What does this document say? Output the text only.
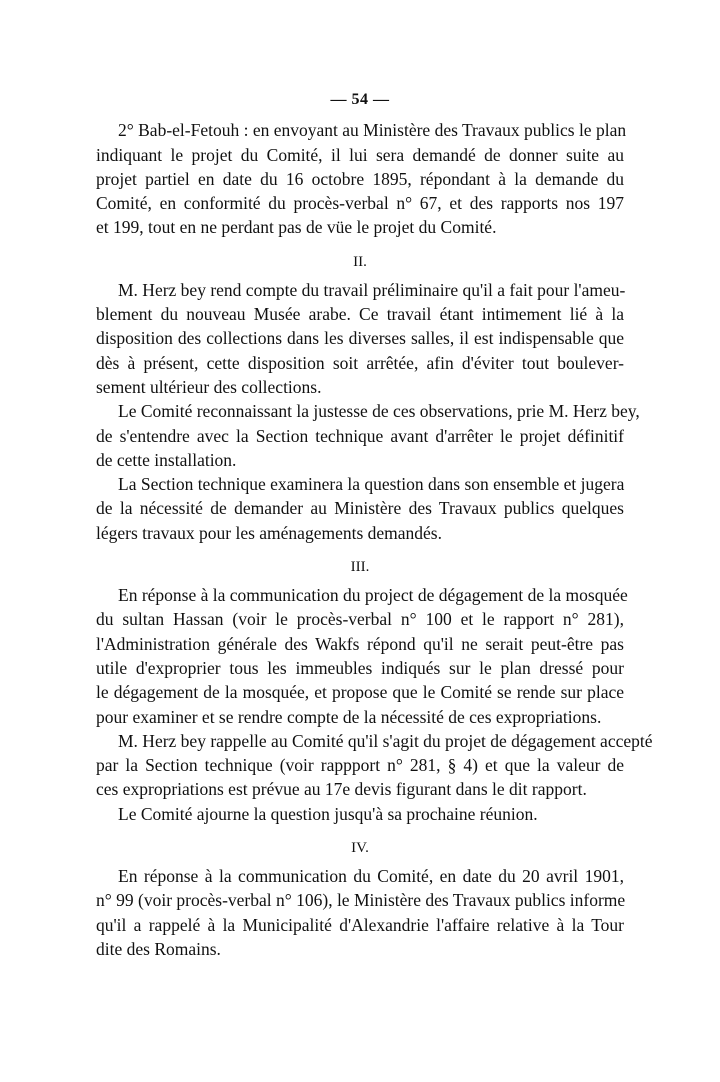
— 54 —
2° Bab-el-Fetouh : en envoyant au Ministère des Travaux publics le plan
indiquant le projet du Comité, il lui sera demandé de donner suite au
projet partiel en date du 16 octobre 1895, répondant à la demande du
Comité, en conformité du procès-verbal n° 67, et des rapports nos 197
et 199, tout en ne perdant pas de vüe le projet du Comité.
II.
M. Herz bey rend compte du travail préliminaire qu'il a fait pour l'ameu-
blement du nouveau Musée arabe. Ce travail étant intimement lié à la
disposition des collections dans les diverses salles, il est indispensable que
dès à présent, cette disposition soit arrêtée, afin d'éviter tout boulever-
sement ultérieur des collections.
Le Comité reconnaissant la justesse de ces observations, prie M. Herz bey,
de s'entendre avec la Section technique avant d'arrêter le projet définitif
de cette installation.
La Section technique examinera la question dans son ensemble et jugera
de la nécessité de demander au Ministère des Travaux publics quelques
légers travaux pour les aménagements demandés.
III.
En réponse à la communication du project de dégagement de la mosquée
du sultan Hassan (voir le procès-verbal n° 100 et le rapport n° 281),
l'Administration générale des Wakfs répond qu'il ne serait peut-être pas
utile d'exproprier tous les immeubles indiqués sur le plan dressé pour
le dégagement de la mosquée, et propose que le Comité se rende sur place
pour examiner et se rendre compte de la nécessité de ces expropriations.
M. Herz bey rappelle au Comité qu'il s'agit du projet de dégagement accepté
par la Section technique (voir rappport n° 281, § 4) et que la valeur de
ces expropriations est prévue au 17e devis figurant dans le dit rapport.
Le Comité ajourne la question jusqu'à sa prochaine réunion.
IV.
En réponse à la communication du Comité, en date du 20 avril 1901,
n° 99 (voir procès-verbal n° 106), le Ministère des Travaux publics informe
qu'il a rappelé à la Municipalité d'Alexandrie l'affaire relative à la Tour
dite des Romains.
